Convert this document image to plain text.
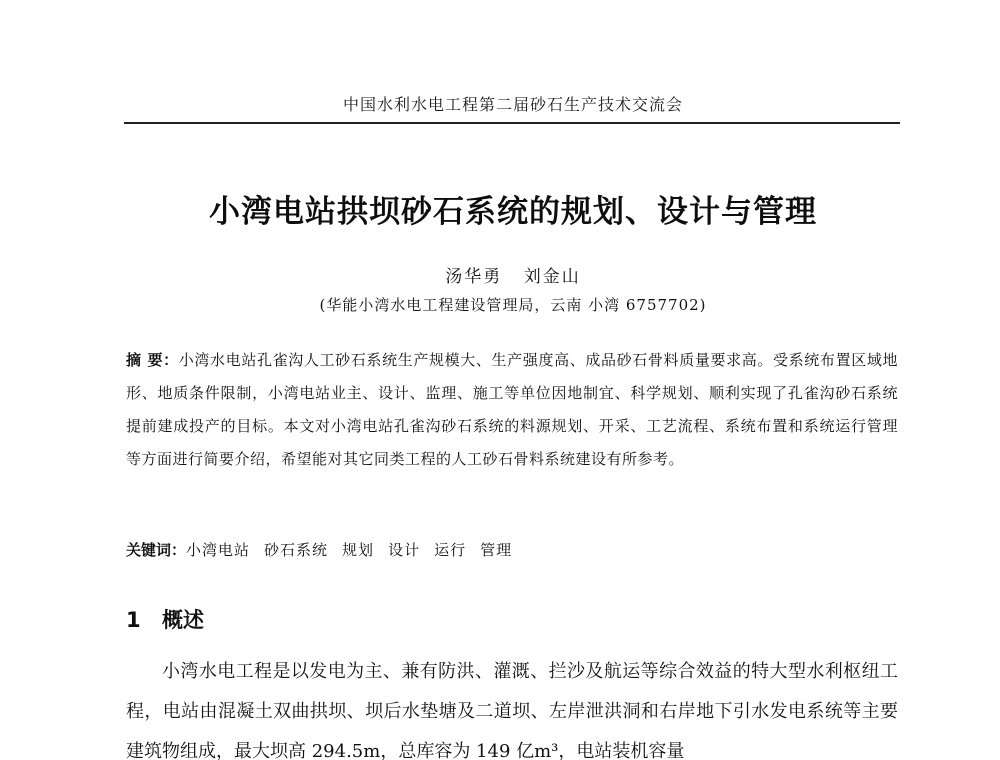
中国水利水电工程第二届砂石生产技术交流会
小湾电站拱坝砂石系统的规划、设计与管理
汤华勇 刘金山
(华能小湾水电工程建设管理局，云南 小湾 6757702)
摘 要：小湾水电站孔雀沟人工砂石系统生产规模大、生产强度高、成品砂石骨料质量要求高。受系统布置区域地形、地质条件限制，小湾电站业主、设计、监理、施工等单位因地制宜、科学规划、顺利实现了孔雀沟砂石系统提前建成投产的目标。本文对小湾电站孔雀沟砂石系统的料源规划、开采、工艺流程、系统布置和系统运行管理等方面进行简要介绍，希望能对其它同类工程的人工砂石骨料系统建设有所参考。
关键词：小湾电站 砂石系统 规划 设计 运行 管理
1 概述
小湾水电工程是以发电为主、兼有防洪、灌溉、拦沙及航运等综合效益的特大型水利枢纽工程，电站由混凝土双曲拱坝、坝后水垫塘及二道坝、左岸泄洪洞和右岸地下引水发电系统等主要建筑物组成，最大坝高 294.5m，总库容为 149 亿m³，电站装机容量
